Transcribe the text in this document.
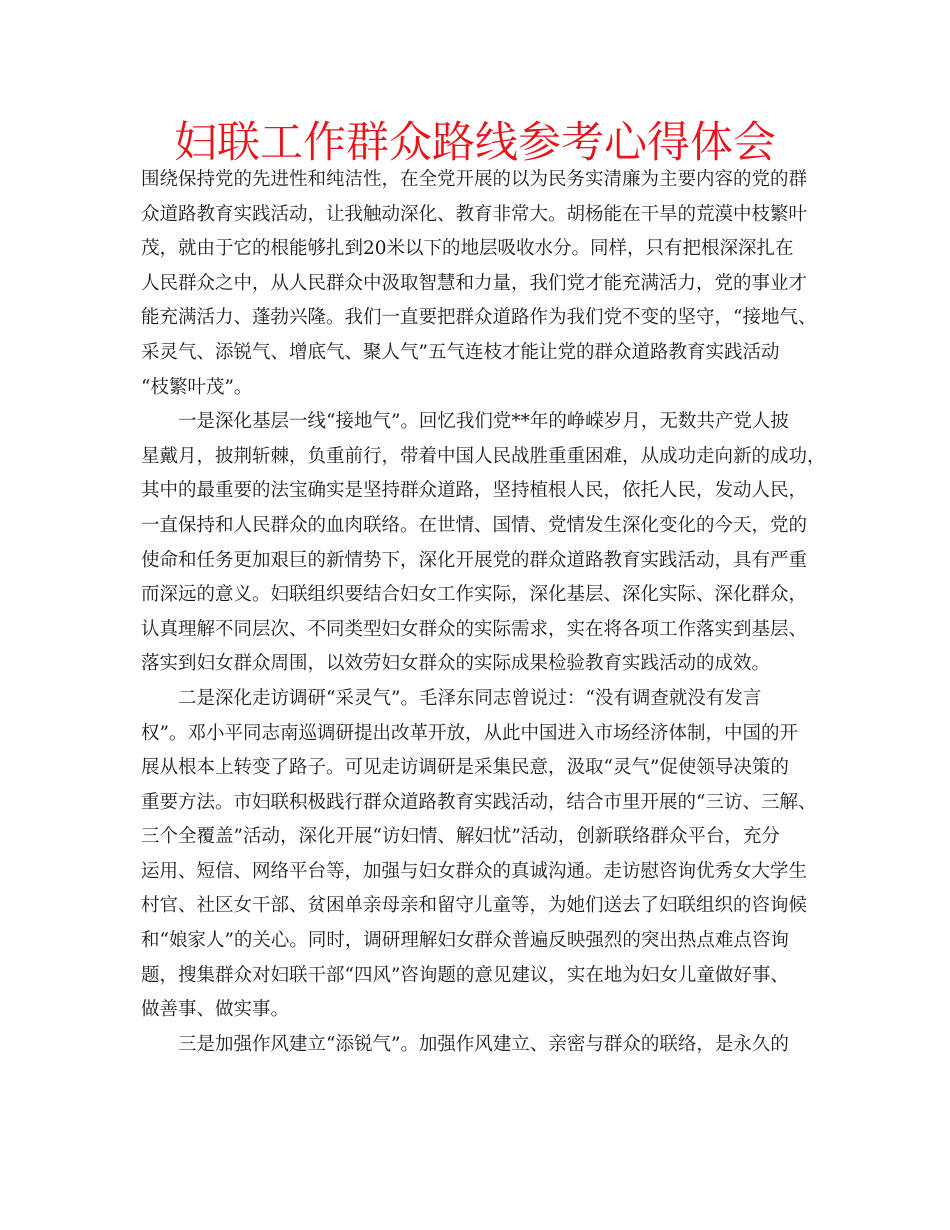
妇联工作群众路线参考心得体会
围绕保持党的先进性和纯洁性，在全党开展的以为民务实清廉为主要内容的党的群
众道路教育实践活动，让我触动深化、教育非常大。胡杨能在干旱的荒漠中枝繁叶
茂，就由于它的根能够扎到20米以下的地层吸收水分。同样，只有把根深深扎在
人民群众之中，从人民群众中汲取智慧和力量，我们党才能充满活力，党的事业才
能充满活力、蓬勃兴隆。我们一直要把群众道路作为我们党不变的坚守，“接地气、
采灵气、添锐气、增底气、聚人气”五气连枝才能让党的群众道路教育实践活动
“枝繁叶茂”。
一是深化基层一线“接地气”。回忆我们党**年的峥嵘岁月，无数共产党人披
星戴月，披荆斩棘，负重前行，带着中国人民战胜重重困难，从成功走向新的成功，
其中的最重要的法宝确实是坚持群众道路，坚持植根人民，依托人民，发动人民，
一直保持和人民群众的血肉联络。在世情、国情、党情发生深化变化的今天，党的
使命和任务更加艰巨的新情势下，深化开展党的群众道路教育实践活动，具有严重
而深远的意义。妇联组织要结合妇女工作实际，深化基层、深化实际、深化群众，
认真理解不同层次、不同类型妇女群众的实际需求，实在将各项工作落实到基层、
落实到妇女群众周围，以效劳妇女群众的实际成果检验教育实践活动的成效。
二是深化走访调研“采灵气”。毛泽东同志曾说过：“没有调查就没有发言
权”。邓小平同志南巡调研提出改革开放，从此中国进入市场经济体制，中国的开
展从根本上转变了路子。可见走访调研是采集民意，汲取“灵气”促使领导决策的
重要方法。市妇联积极践行群众道路教育实践活动，结合市里开展的“三访、三解、
三个全覆盖”活动，深化开展“访妇情、解妇忧”活动，创新联络群众平台，充分
运用、短信、网络平台等，加强与妇女群众的真诚沟通。走访慰咨询优秀女大学生
村官、社区女干部、贫困单亲母亲和留守儿童等，为她们送去了妇联组织的咨询候
和“娘家人”的关心。同时，调研理解妇女群众普遍反映强烈的突出热点难点咨询
题，搜集群众对妇联干部“四风”咨询题的意见建议，实在地为妇女儿童做好事、
做善事、做实事。
三是加强作风建立“添锐气”。加强作风建立、亲密与群众的联络，是永久的
